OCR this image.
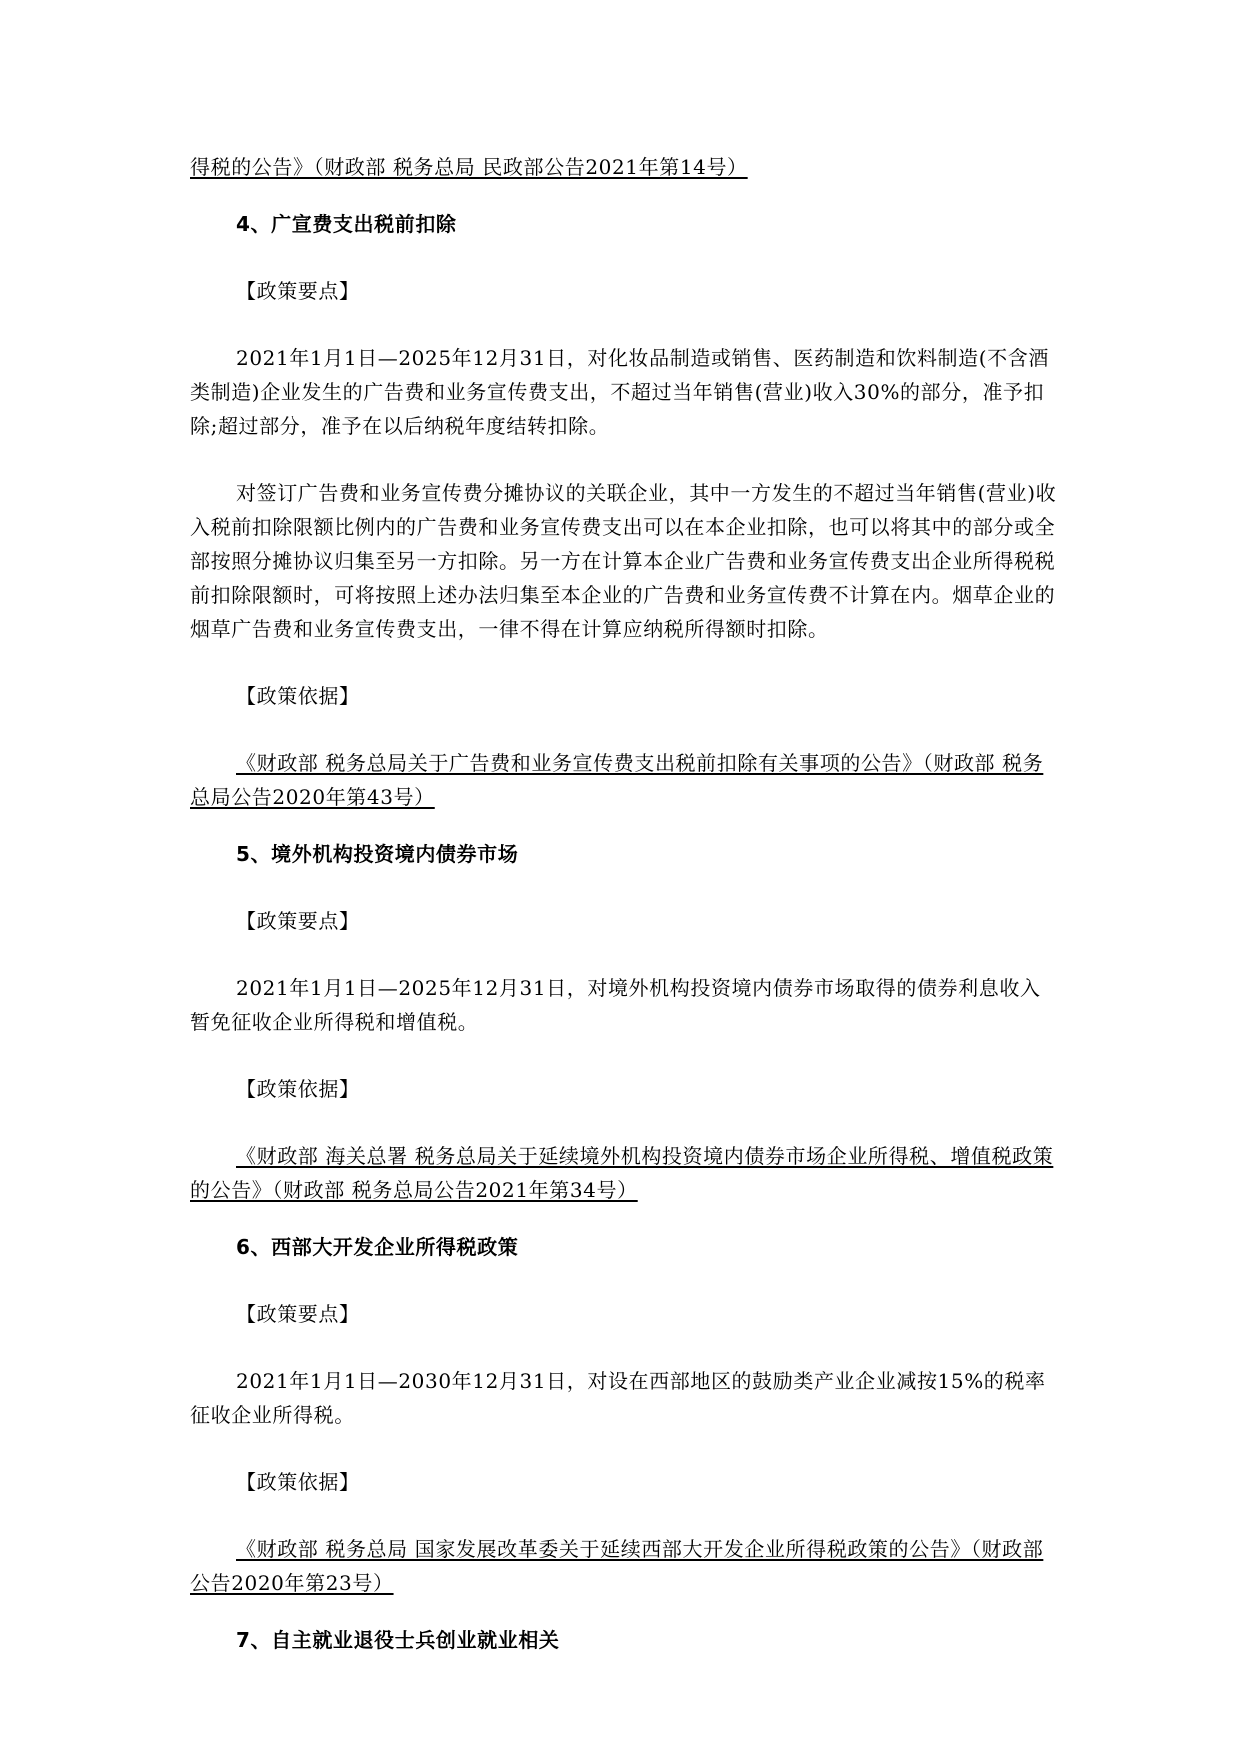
得税的公告》（财政部 税务总局 民政部公告2021年第14号）

4、广宣费支出税前扣除

【政策要点】

2021年1月1日—2025年12月31日，对化妆品制造或销售、医药制造和饮料制造(不含酒类制造)企业发生的广告费和业务宣传费支出，不超过当年销售(营业)收入30%的部分，准予扣除;超过部分，准予在以后纳税年度结转扣除。

对签订广告费和业务宣传费分摊协议的关联企业，其中一方发生的不超过当年销售(营业)收入税前扣除限额比例内的广告费和业务宣传费支出可以在本企业扣除，也可以将其中的部分或全部按照分摊协议归集至另一方扣除。另一方在计算本企业广告费和业务宣传费支出企业所得税税前扣除限额时，可将按照上述办法归集至本企业的广告费和业务宣传费不计算在内。烟草企业的烟草广告费和业务宣传费支出，一律不得在计算应纳税所得额时扣除。

【政策依据】

《财政部 税务总局关于广告费和业务宣传费支出税前扣除有关事项的公告》（财政部 税务总局公告2020年第43号）

5、境外机构投资境内债券市场

【政策要点】

2021年1月1日—2025年12月31日，对境外机构投资境内债券市场取得的债券利息收入暂免征收企业所得税和增值税。

【政策依据】

《财政部 海关总署 税务总局关于延续境外机构投资境内债券市场企业所得税、增值税政策的公告》（财政部 税务总局公告2021年第34号）

6、西部大开发企业所得税政策

【政策要点】

2021年1月1日—2030年12月31日，对设在西部地区的鼓励类产业企业减按15%的税率征收企业所得税。

【政策依据】

《财政部 税务总局 国家发展改革委关于延续西部大开发企业所得税政策的公告》（财政部公告2020年第23号）

7、自主就业退役士兵创业就业相关
